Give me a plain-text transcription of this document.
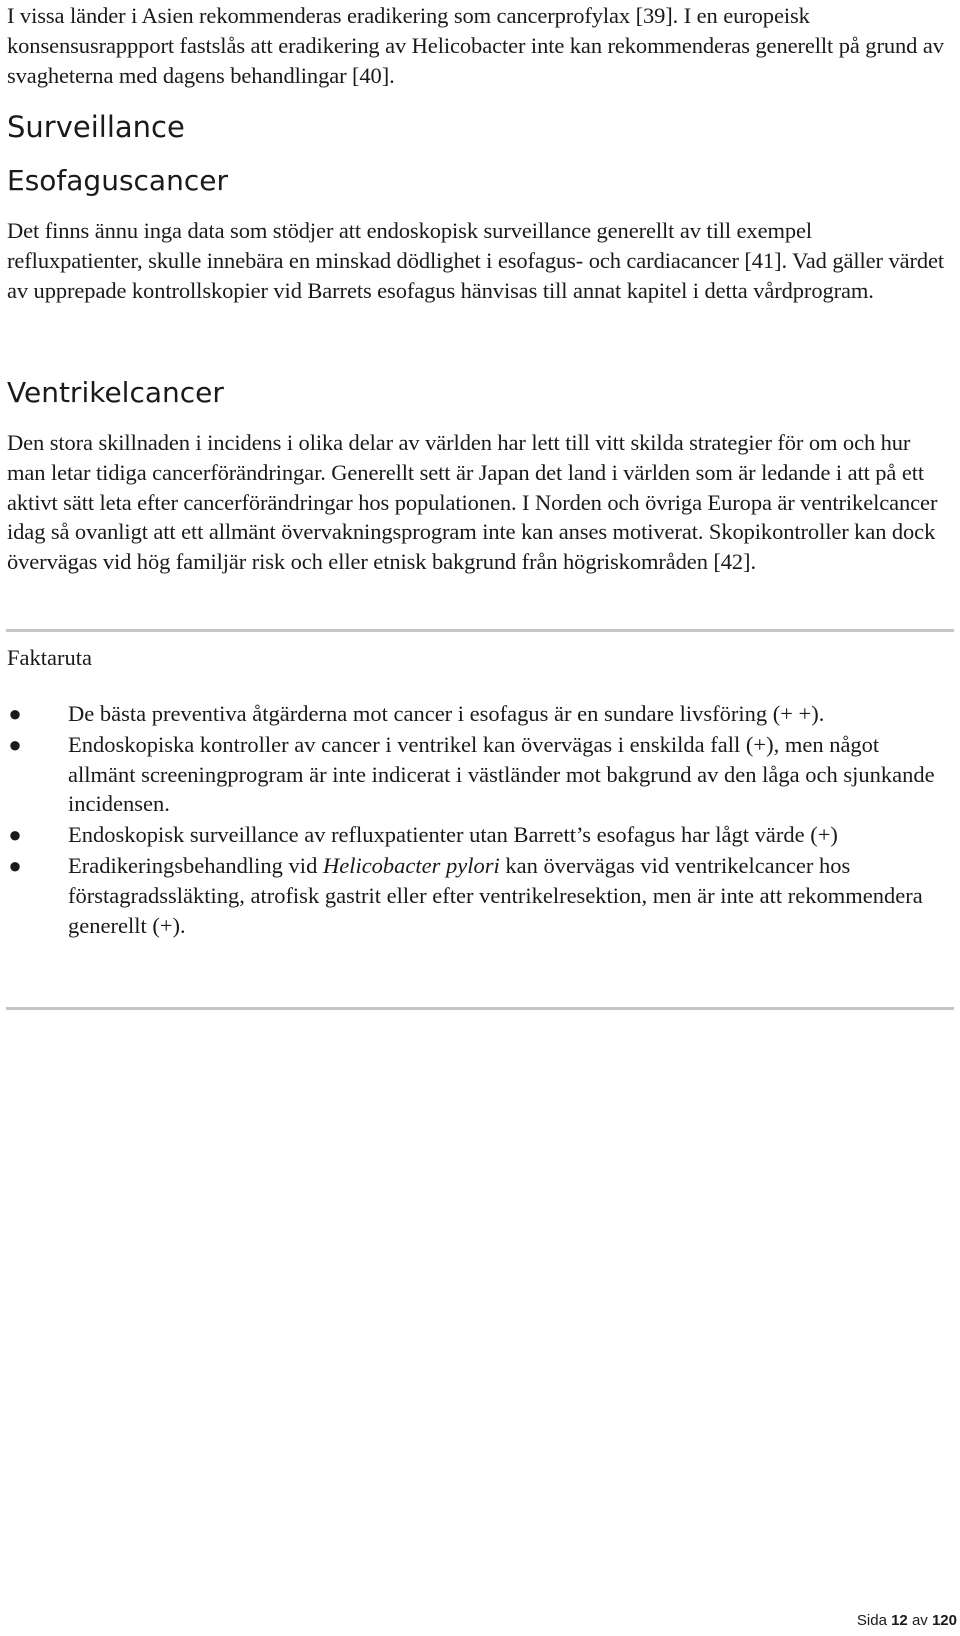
I vissa länder i Asien rekommenderas eradikering som cancerprofylax [39]. I en europeisk konsensusrappport fastslås att eradikering av Helicobacter inte kan rekommenderas generellt på grund av svagheterna med dagens behandlingar [40].

Surveillance
Esofaguscancer

Det finns ännu inga data som stödjer att endoskopisk surveillance generellt av till exempel refluxpatienter, skulle innebära en minskad dödlighet i esofagus- och cardiacancer [41]. Vad gäller värdet av upprepade kontrollskopier vid Barrets esofagus hänvisas till annat kapitel i detta vårdprogram.

Ventrikelcancer

Den stora skillnaden i incidens i olika delar av världen har lett till vitt skilda strategier för om och hur man letar tidiga cancerförändringar. Generellt sett är Japan det land i världen som är ledande i att på ett aktivt sätt leta efter cancerförändringar hos populationen. I Norden och övriga Europa är ventrikelcancer idag så ovanligt att ett allmänt övervakningsprogram inte kan anses motiverat. Skopikontroller kan dock övervägas vid hög familjär risk och eller etnisk bakgrund från högriskområden [42].

Faktaruta

● De bästa preventiva åtgärderna mot cancer i esofagus är en sundare livsföring (+ +).
● Endoskopiska kontroller av cancer i ventrikel kan övervägas i enskilda fall (+), men något allmänt screeningprogram är inte indicerat i västländer mot bakgrund av den låga och sjunkande incidensen.
● Endoskopisk surveillance av refluxpatienter utan Barrett’s esofagus har lågt värde (+)
● Eradikeringsbehandling vid Helicobacter pylori kan övervägas vid ventrikelcancer hos förstagradssläkting, atrofisk gastrit eller efter ventrikelresektion, men är inte att rekommendera generellt (+).
Sida 12 av 120
